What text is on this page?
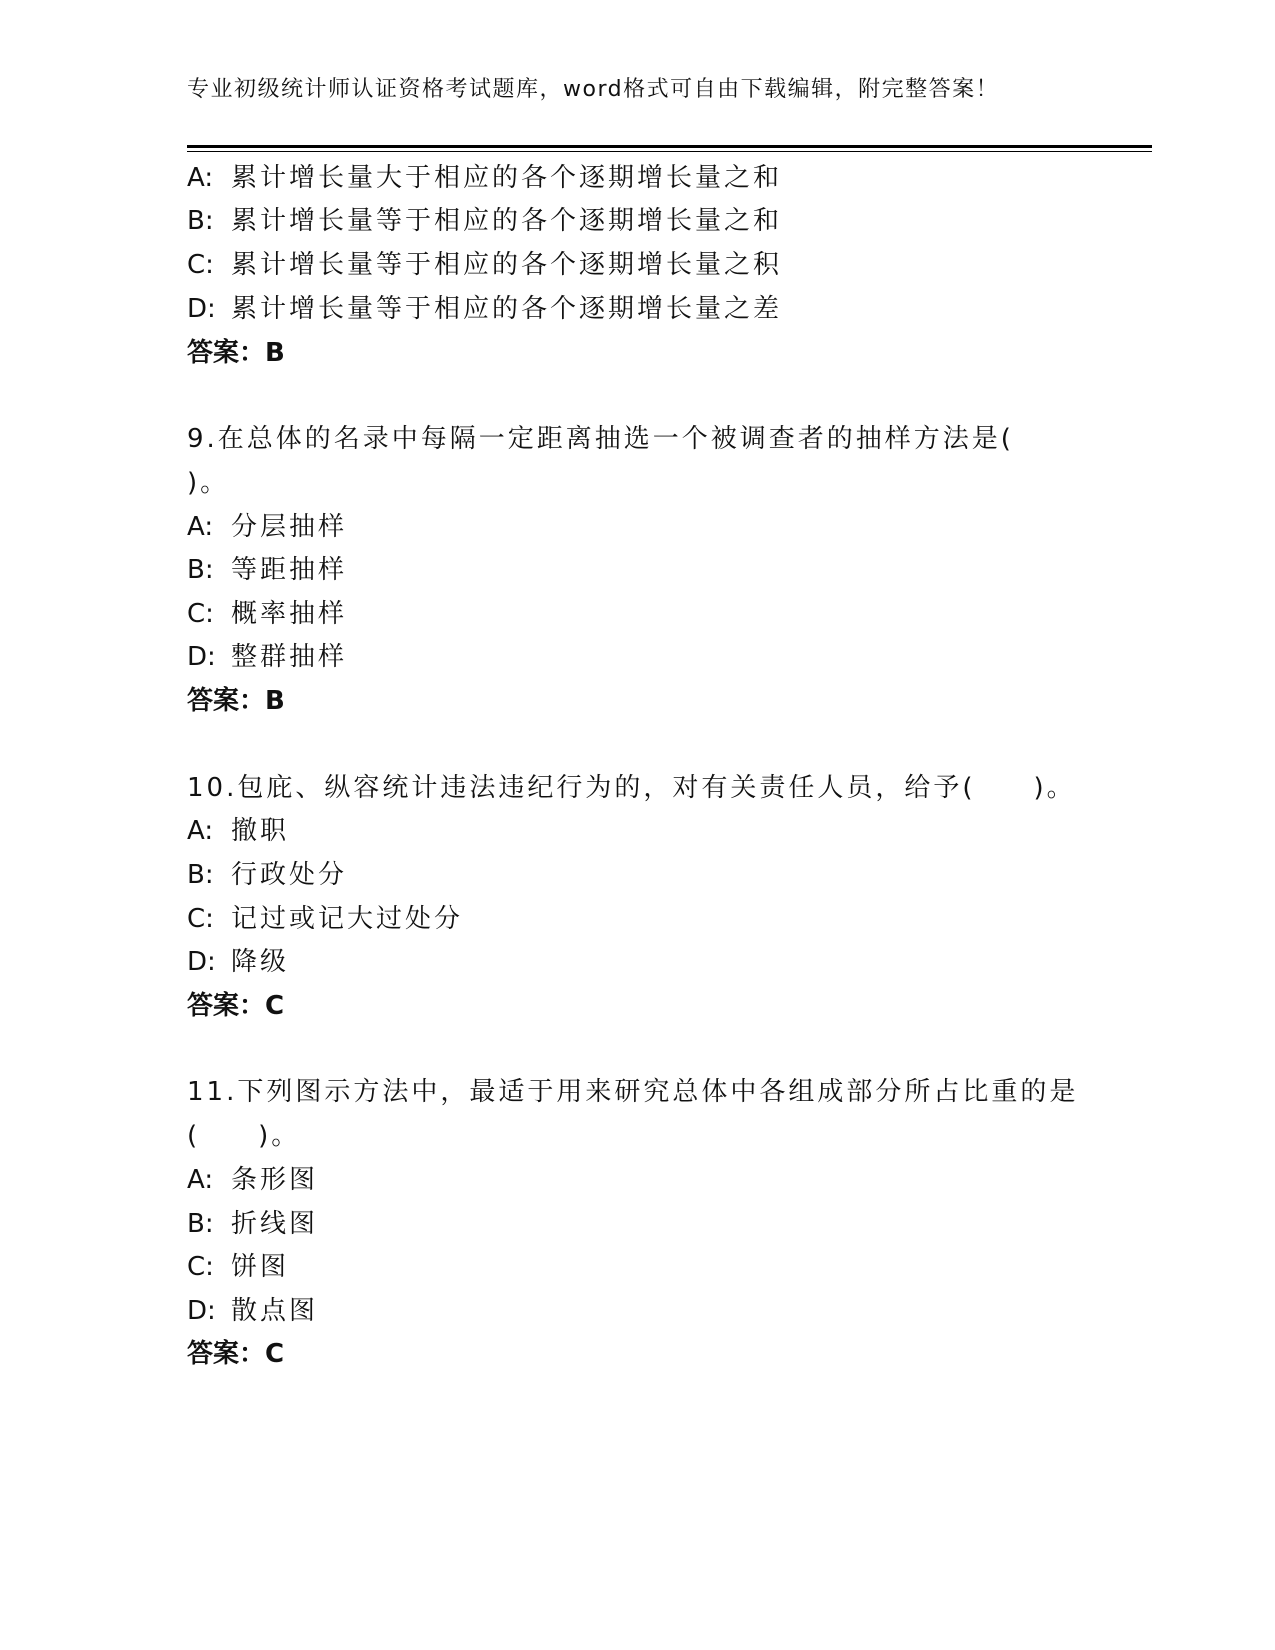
专业初级统计师认证资格考试题库，word格式可自由下载编辑，附完整答案！
A: 累计增长量大于相应的各个逐期增长量之和
B: 累计增长量等于相应的各个逐期增长量之和
C: 累计增长量等于相应的各个逐期增长量之积
D: 累计增长量等于相应的各个逐期增长量之差
答案：B
9.在总体的名录中每隔一定距离抽选一个被调查者的抽样方法是(
)。
A: 分层抽样
B: 等距抽样
C: 概率抽样
D: 整群抽样
答案：B
10.包庇、纵容统计违法违纪行为的，对有关责任人员，给予(　　)。
A: 撤职
B: 行政处分
C: 记过或记大过处分
D: 降级
答案：C
11.下列图示方法中，最适于用来研究总体中各组成部分所占比重的是
(　　)。
A: 条形图
B: 折线图
C: 饼图
D: 散点图
答案：C
